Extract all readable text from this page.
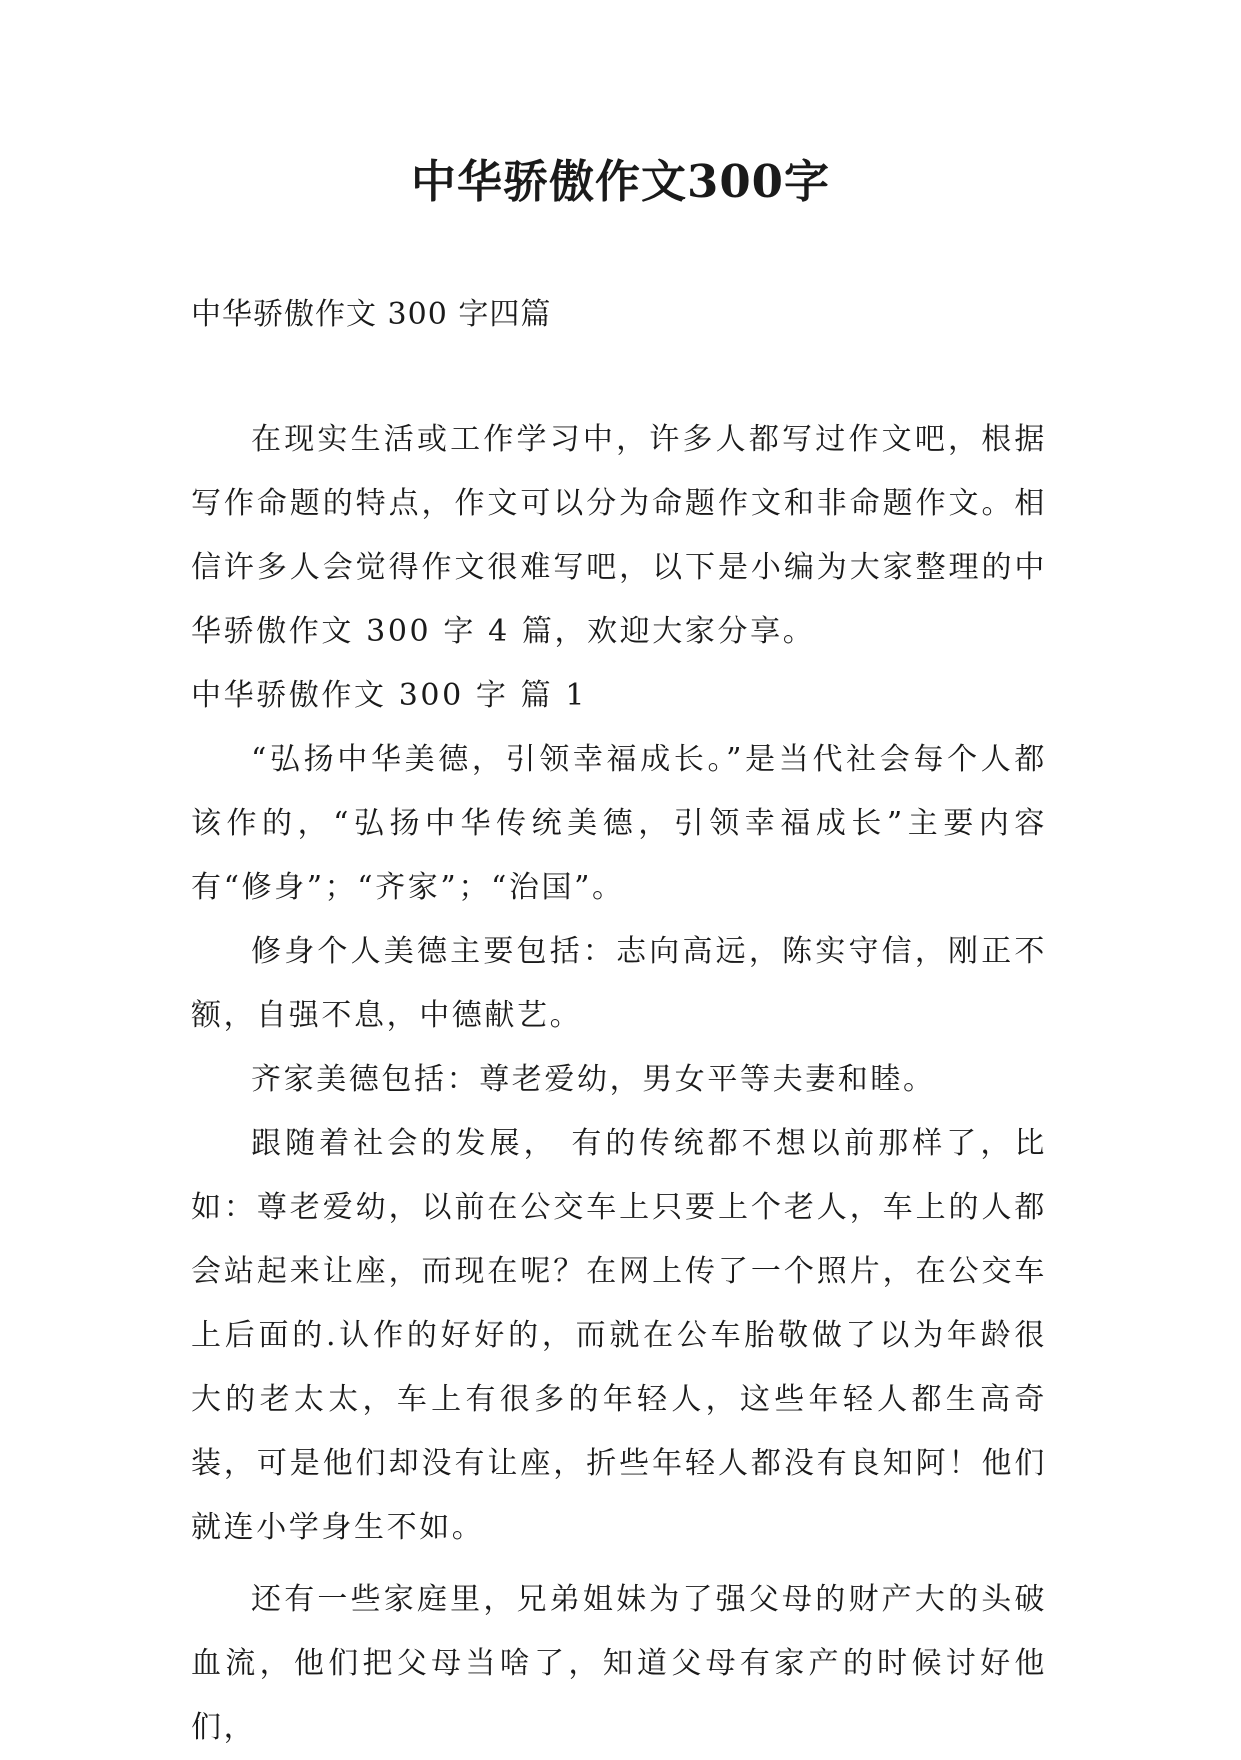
中华骄傲作文300字
中华骄傲作文 300 字四篇

在现实生活或工作学习中，许多人都写过作文吧，根据写作命题的特点，作文可以分为命题作文和非命题作文。相信许多人会觉得作文很难写吧，以下是小编为大家整理的中华骄傲作文 300 字 4 篇，欢迎大家分享。

中华骄傲作文 300 字 篇 1

“弘扬中华美德，引领幸福成长。”是当代社会每个人都该作的，“弘扬中华传统美德，引领幸福成长”主要内容有“修身”；“齐家”；“治国”。

修身个人美德主要包括：志向高远，陈实守信，刚正不额，自强不息，中德献艺。

齐家美德包括：尊老爱幼，男女平等夫妻和睦。

跟随着社会的发展， 有的传统都不想以前那样了，比如：尊老爱幼，以前在公交车上只要上个老人，车上的人都会站起来让座，而现在呢？在网上传了一个照片，在公交车上后面的.认作的好好的，而就在公车胎敬做了以为年龄很大的老太太，车上有很多的年轻人，这些年轻人都生高奇装，可是他们却没有让座，折些年轻人都没有良知阿！他们就连小学身生不如。

还有一些家庭里，兄弟姐妹为了强父母的财产大的头破血流，他们把父母当啥了，知道父母有家产的时候讨好他们，
